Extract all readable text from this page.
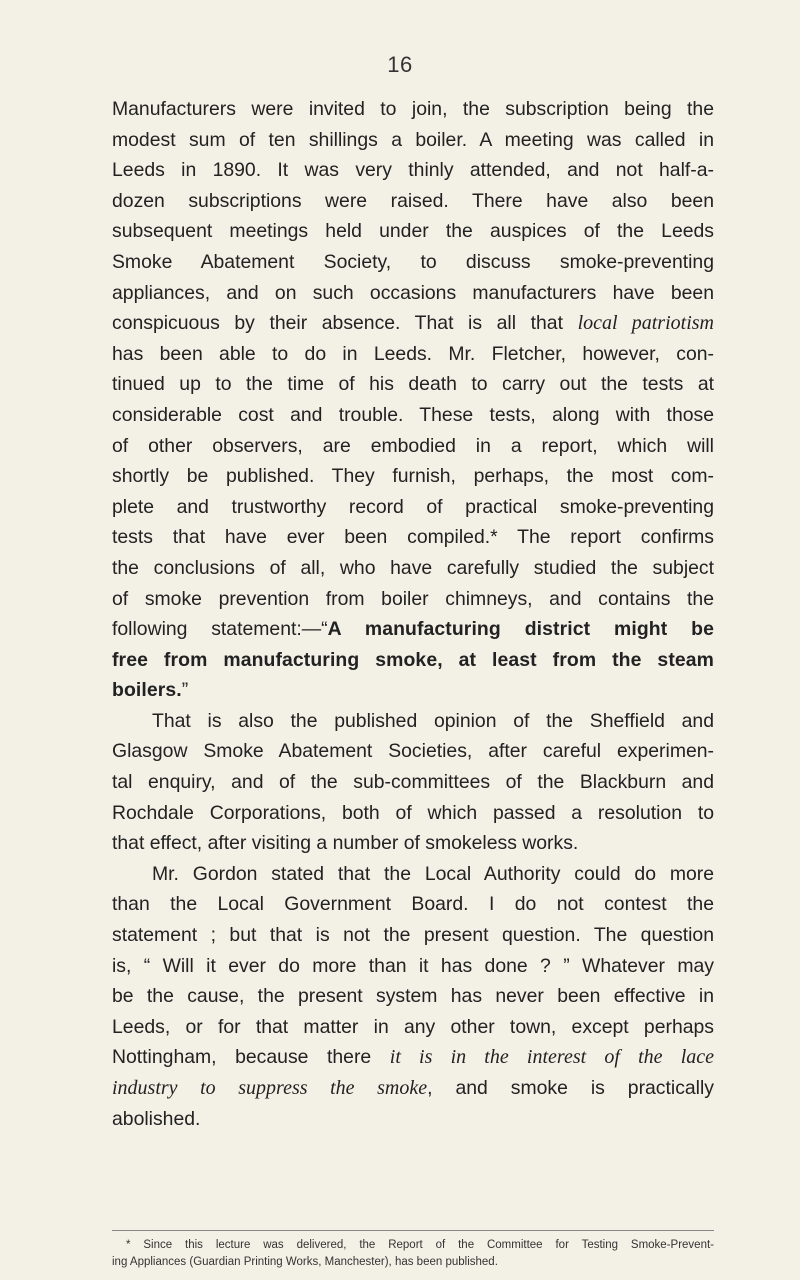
16
Manufacturers were invited to join, the subscription being the
modest sum of ten shillings a boiler. A meeting was called in
Leeds in 1890. It was very thinly attended, and not half-a-
dozen subscriptions were raised. There have also been
subsequent meetings held under the auspices of the Leeds
Smoke Abatement Society, to discuss smoke-preventing
appliances, and on such occasions manufacturers have been
conspicuous by their absence. That is all that local patriotism
has been able to do in Leeds. Mr. Fletcher, however, con-
tinued up to the time of his death to carry out the tests at
considerable cost and trouble. These tests, along with those
of other observers, are embodied in a report, which will
shortly be published. They furnish, perhaps, the most com-
plete and trustworthy record of practical smoke-preventing
tests that have ever been compiled.* The report confirms
the conclusions of all, who have carefully studied the subject
of smoke prevention from boiler chimneys, and contains the
following statement:—“A manufacturing district might be
free from manufacturing smoke, at least from the steam
boilers.”
That is also the published opinion of the Sheffield and
Glasgow Smoke Abatement Societies, after careful experimen-
tal enquiry, and of the sub-committees of the Blackburn and
Rochdale Corporations, both of which passed a resolution to
that effect, after visiting a number of smokeless works.
Mr. Gordon stated that the Local Authority could do more
than the Local Government Board. I do not contest the
statement ; but that is not the present question. The question
is, “ Will it ever do more than it has done ? ” Whatever may
be the cause, the present system has never been effective in
Leeds, or for that matter in any other town, except perhaps
Nottingham, because there it is in the interest of the lace
industry to suppress the smoke, and smoke is practically
abolished.
* Since this lecture was delivered, the Report of the Committee for Testing Smoke-Prevent-
ing Appliances (Guardian Printing Works, Manchester), has been published.
